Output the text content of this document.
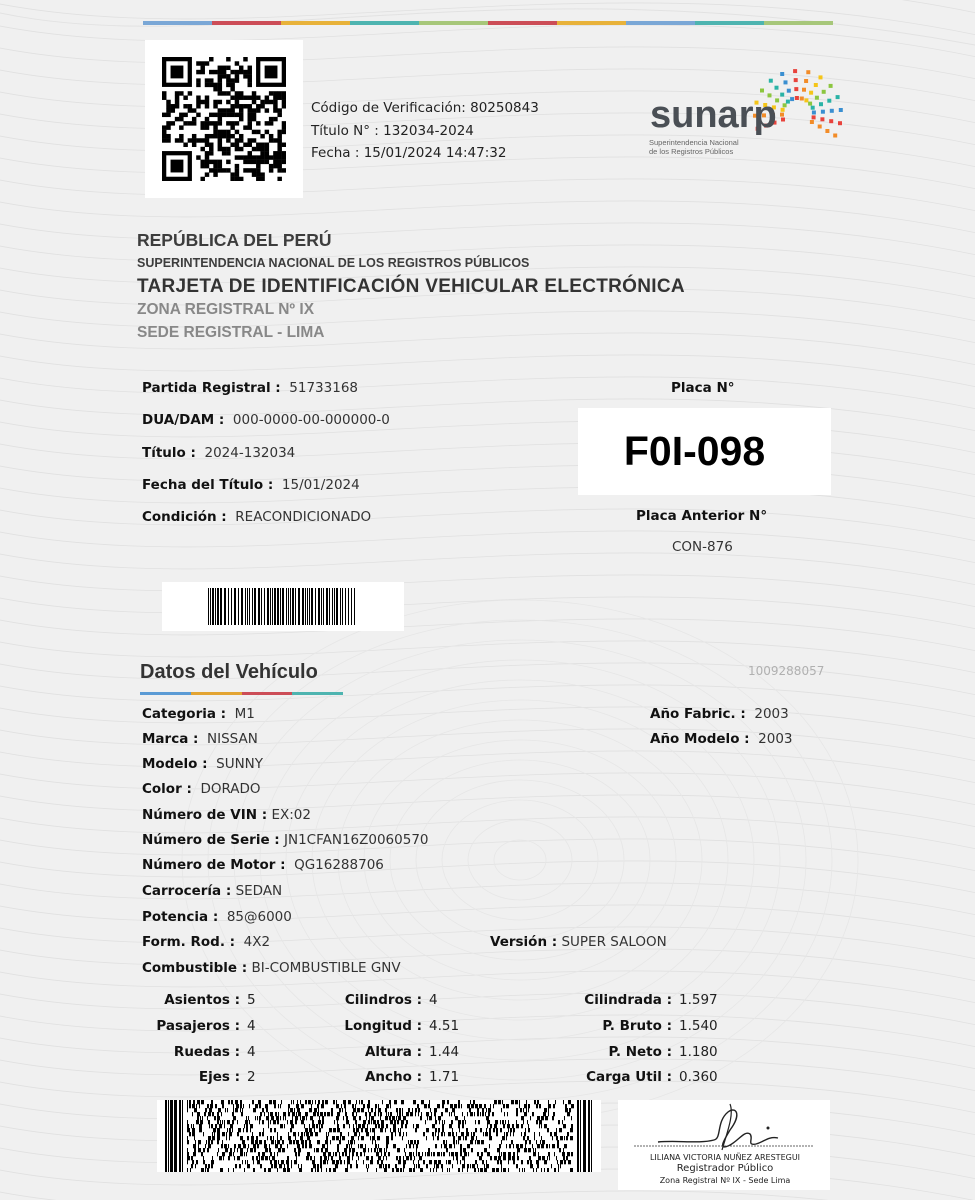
Código de Verificación: 80250843
Título N° : 132034-2024
Fecha : 15/01/2024 14:47:32
sunarp
Superintendencia Nacional
de los Registros Públicos
REPÚBLICA DEL PERÚ
SUPERINTENDENCIA NACIONAL DE LOS REGISTROS PÚBLICOS
TARJETA DE IDENTIFICACIÓN VEHICULAR ELECTRÓNICA
ZONA REGISTRAL Nº IX
SEDE REGISTRAL - LIMA
Partida Registral : 51733168
DUA/DAM : 000-0000-00-000000-0
Título : 2024-132034
Fecha del Título : 15/01/2024
Condición : REACONDICIONADO
Placa N°
F0I-098
Placa Anterior N°
CON-876
Datos del Vehículo	1009288057
Categoria : M1
Marca : NISSAN
Modelo : SUNNY
Color : DORADO
Número de VIN : EX:02
Número de Serie : JN1CFAN16Z0060570
Número de Motor : QG16288706
Carrocería : SEDAN
Potencia : 85@6000
Form. Rod. : 4X2	Versión : SUPER SALOON
Combustible : BI-COMBUSTIBLE GNV
Año Fabric. : 2003
Año Modelo : 2003
Asientos : 5
Pasajeros : 4
Ruedas : 4
Ejes : 2
Cilindros : 4
Longitud : 4.51
Altura : 1.44
Ancho : 1.71
Cilindrada : 1.597
P. Bruto : 1.540
P. Neto : 1.180
Carga Util : 0.360
LILIANA VICTORIA NUÑEZ ARESTEGUI
Registrador Público
Zona Registral Nº IX - Sede Lima
